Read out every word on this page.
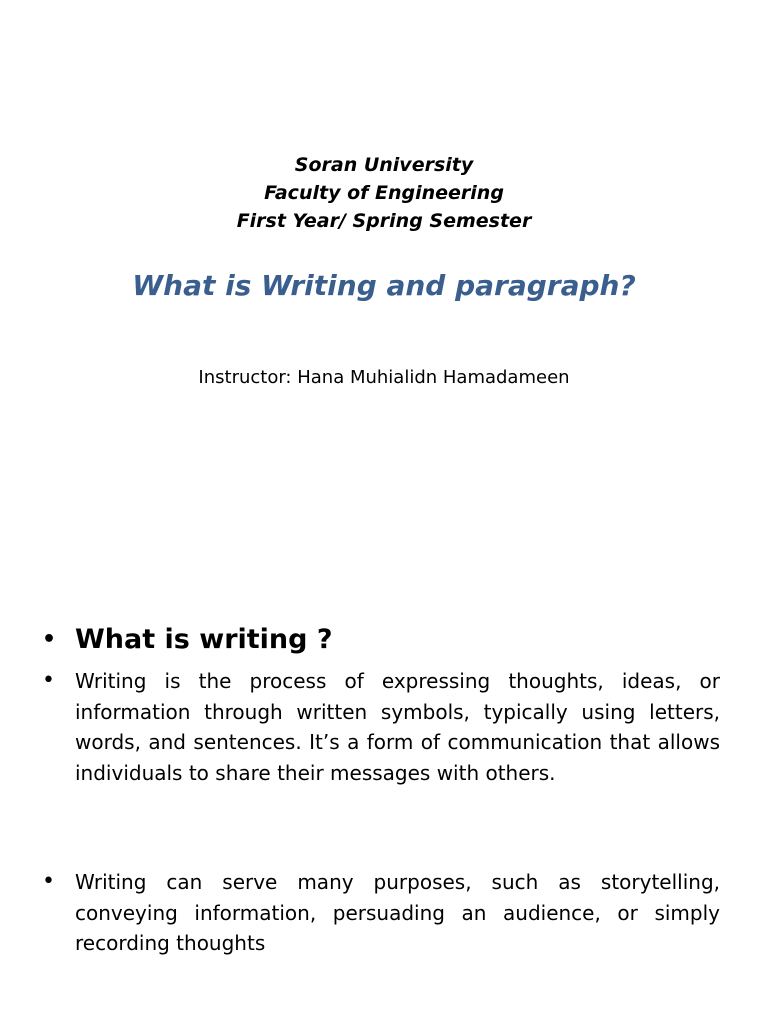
Soran University
Faculty of Engineering
First Year/ Spring Semester
What is Writing and paragraph?
Instructor: Hana Muhialidn Hamadameen
• What is writing ?
• Writing is the process of expressing thoughts, ideas, or information through written symbols, typically using letters, words, and sentences. It’s a form of communication that allows individuals to share their messages with others.
• Writing can serve many purposes, such as storytelling, conveying information, persuading an audience, or simply recording thoughts
